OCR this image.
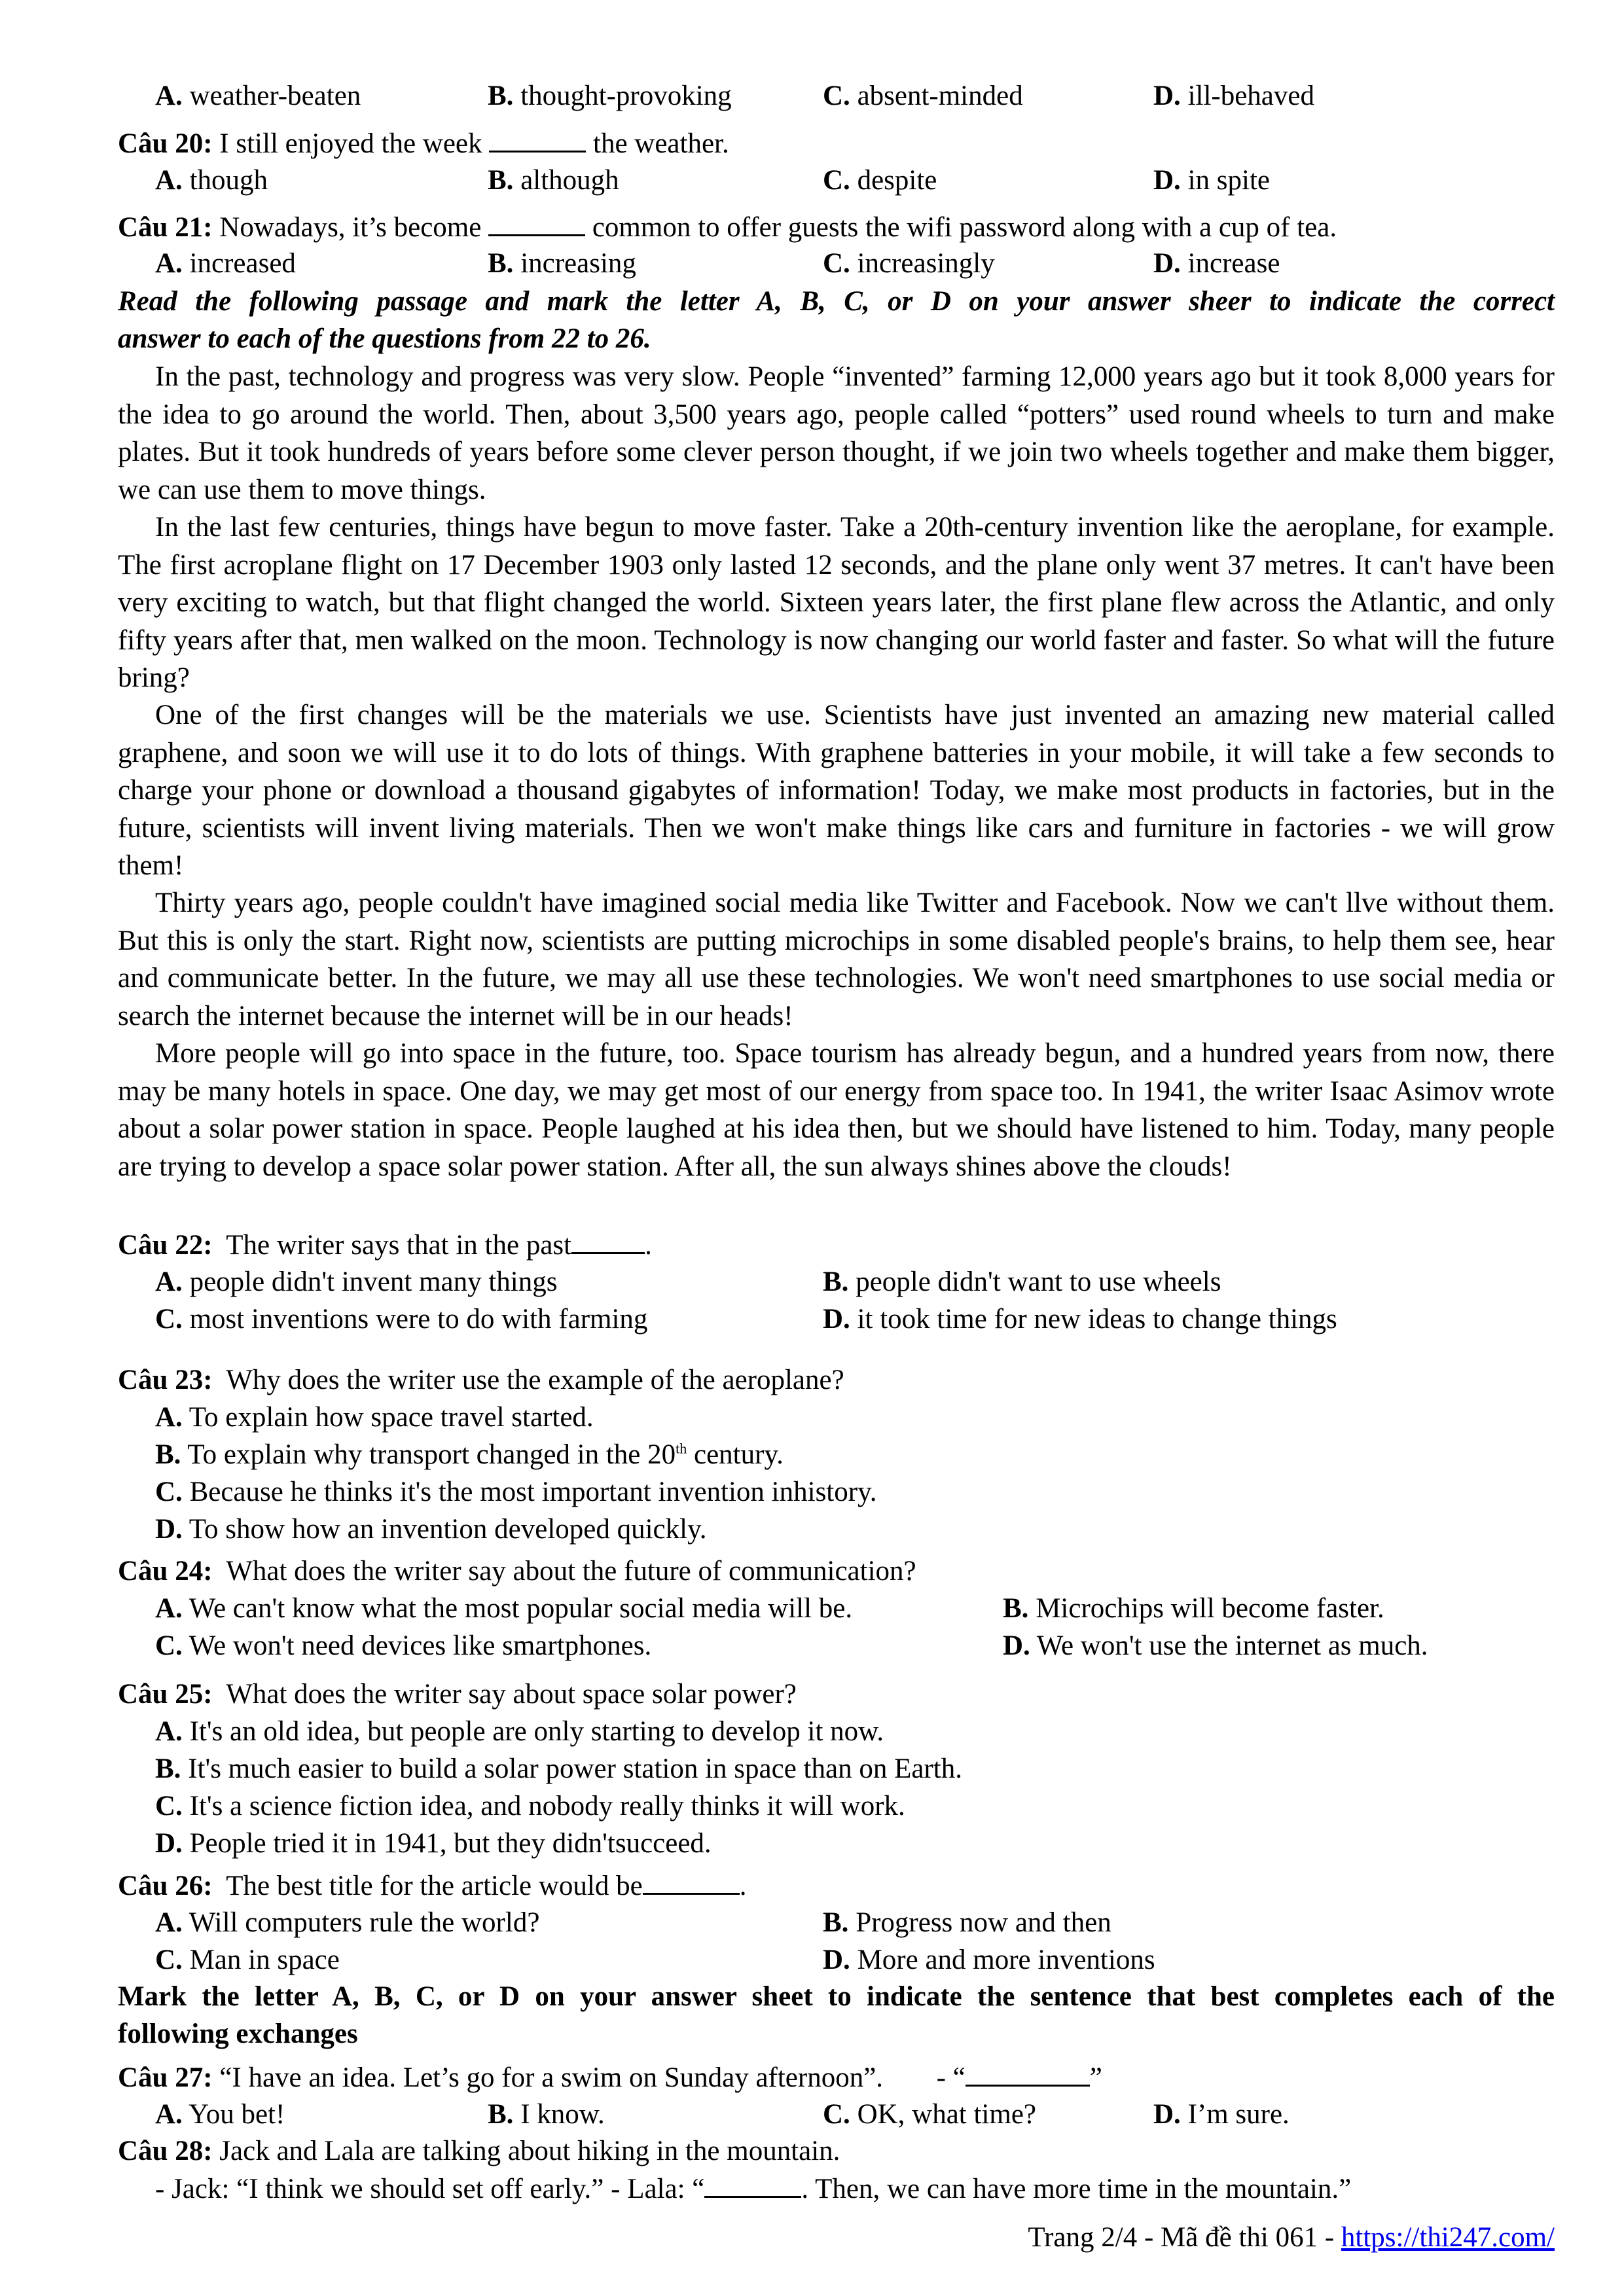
A. weather-beaten	B. thought-provoking	C. absent-minded	D. ill-behaved
Câu 20: I still enjoyed the week	the weather.
A. though	B. although	C. despite	D. in spite
Câu 21: Nowadays, it’s become	common to offer guests the wifi password along with a cup of tea.
A. increased	B. increasing	C. increasingly	D. increase
Read the following passage and mark the letter A, B, C, or D on your answer sheer to indicate the correct
answer to each of the questions from 22 to 26.
In the past, technology and progress was very slow. People “invented” farming 12,000 years ago but it took 8,000 years for the idea to go around the world. Then, about 3,500 years ago, people called “potters” used round wheels to turn and make plates. But it took hundreds of years before some clever person thought, if we join two wheels together and make them bigger, we can use them to move things.
In the last few centuries, things have begun to move faster. Take a 20th-century invention like the aeroplane, for example. The first acroplane flight on 17 December 1903 only lasted 12 seconds, and the plane only went 37 metres. It can't have been very exciting to watch, but that flight changed the world. Sixteen years later, the first plane flew across the Atlantic, and only fifty years after that, men walked on the moon. Technology is now changing our world faster and faster. So what will the future bring?
One of the first changes will be the materials we use. Scientists have just invented an amazing new material called graphene, and soon we will use it to do lots of things. With graphene batteries in your mobile, it will take a few seconds to charge your phone or download a thousand gigabytes of information! Today, we make most products in factories, but in the future, scientists will invent living materials. Then we won't make things like cars and furniture in factories - we will grow them!
Thirty years ago, people couldn't have imagined social media like Twitter and Facebook. Now we can't llve without them. But this is only the start. Right now, scientists are putting microchips in some disabled people's brains, to help them see, hear and communicate better. In the future, we may all use these technologies. We won't need smartphones to use social media or search the internet because the internet will be in our heads!
More people will go into space in the future, too. Space tourism has already begun, and a hundred years from now, there may be many hotels in space. One day, we may get most of our energy from space too. In 1941, the writer Isaac Asimov wrote about a solar power station in space. People laughed at his idea then, but we should have listened to him. Today, many people are trying to develop a space solar power station. After all, the sun always shines above the clouds!
Câu 22: The writer says that in the past	.
A. people didn't invent many things	B. people didn't want to use wheels
C. most inventions were to do with farming	D. it took time for new ideas to change things
Câu 23: Why does the writer use the example of the aeroplane?
A. To explain how space travel started.
B. To explain why transport changed in the 20th century.
C. Because he thinks it's the most important invention inhistory.
D. To show how an invention developed quickly.
Câu 24: What does the writer say about the future of communication?
A. We can't know what the most popular social media will be.	B. Microchips will become faster.
C. We won't need devices like smartphones.	D. We won't use the internet as much.
Câu 25: What does the writer say about space solar power?
A. It's an old idea, but people are only starting to develop it now.
B. It's much easier to build a solar power station in space than on Earth.
C. It's a science fiction idea, and nobody really thinks it will work.
D. People tried it in 1941, but they didn'tsucceed.
Câu 26: The best title for the article would be	.
A. Will computers rule the world?	B. Progress now and then
C. Man in space	D. More and more inventions
Mark the letter A, B, C, or D on your answer sheet to indicate the sentence that best completes each of the
following exchanges
Câu 27: “I have an idea. Let’s go for a swim on Sunday afternoon”. - “	”
A. You bet!	B. I know.	C. OK, what time?	D. I’m sure.
Câu 28: Jack and Lala are talking about hiking in the mountain.
- Jack: “I think we should set off early.” - Lala: “	. Then, we can have more time in the mountain.”
Trang 2/4 - Mã đề thi 061 - https://thi247.com/
